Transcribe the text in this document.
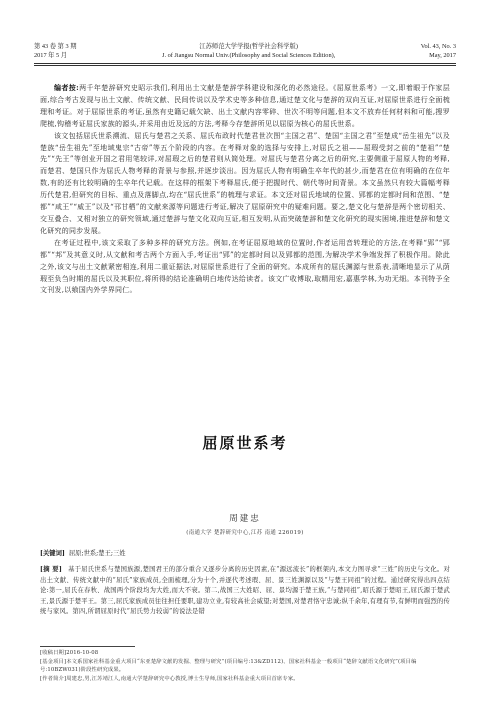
第 43 卷 第 3 期
2017 年 5 月
江苏师范大学学报(哲学社会科学版)
J. of Jiangsu Normal Univ.(Philosophy and Social Sciences Edition),
Vol. 43, No. 3
May, 2017

编者按:两千年楚辞研究史昭示我们,利用出土文献是楚辞学科建设和深化的必然途径。《屈原世系考》一文,即着眼于作家层面,综合考古发现与出土文献、传统文献、民间传说以及学术史等多种信息,通过楚文化与楚辞的双向互证,对屈原世系进行全面梳理和考证。对于屈原世系的考证,虽然有史籍记载欠缺、出土文献内容零碎、世次不明等问题,但本文不放弃任何材料和可能,搜罗爬梳,钩稽考证屈氏家族的源头,并采用由近及远的方法,考释今存楚辞所见以屈原为核心的屈氏世系。

该文包括屈氏世系溯流、屈氏与楚君之关系、屈氏布政时代楚君世次图“主国之君”、楚国“主国之君”至楚成“岳生祖先”以及楚族“岳生祖先”至地域鬼宗“古帝”等五个阶段的内容。在考释对象的选择与安排上,对屈氏之祖——屈瑕受封之前的“楚祖”“楚先”“先王”等创业开国之君用笔较详,对屈瑕之后的楚君则从简处理。对屈氏与楚君分离之后的研究,主要侧重于屈原人物的考释,而楚君、楚国只作为屈氏人物考释的背景与参照,并逐步淡出。因为屈氏人物有明确生卒年代的甚少,而楚君在位有明确的在位年数,有的还有比较明确的生卒年代记载。在这样的框架下考释屈氏,便于把握时代、朝代等时间背景。本文虽然只有较大篇幅考释历代楚君,但研究的目标、重点及落脚点,均在“屈氏世系”的梳理与求证。本文还对屈氏地域的位置、郢都的定都时间和范围、“楚都”“咸王”“威王”以及“邗甘栖”的文献来源等问题进行考证,解决了屈原研究中的疑难问题。要之,楚文化与楚辞是两个密切相关、交互叠合、又相对独立的研究领域,通过楚辞与楚文化双向互证,相互发明,从而突破楚辞和楚文化研究的现实困境,推进楚辞和楚文化研究的同步发展。

在考证过程中,该文采取了多种多样的研究方法。例如,在考证屈原地域的位置时,作者运用音转理论的方法,在考释“郢”“郢都”“邦”及其意义时,从文献和考古两个方面入手,考证出“郢”的定都时间以及郢都的范围,为解决学术争端发挥了积极作用。除此之外,该文与出土文献紧密相连,利用二重证据法,对屈原世系进行了全面的研究。本成所有的屈氏渊源与世系表,清晰地显示了从荫瑕至负刍时期的屈氏以及其职位,将所得的结论准确明白地传达给读者。该文广收博取,取精用宏,嘉惠学林,为功无细。本刊特予全文刊发,以飨国内外学界同仁。

屈原世系考
周建忠
(南通大学 楚辞研究中心,江苏 南通 226019)
[关键词] 屈原;世系;楚王;三姓
[摘 要] 基于屈氏世系与楚国族源,楚国君王的部分重合又逐步分离的历史因素,在“源远流长”的框架内,本文力图寻求“三姓”的历史与文化。对出土文献、传统文献中的“屈氏”家族成员,全面梳理,分为十个,并逐代考述瑕、屈、景三姓渊源以及“与楚王同祖”的过程。通过研究得出四点结论:第一,屈氏在春秋、战国两个阶段均为大姓,而大不衰。第二,战国三大姓昭、屈、景均源于楚王族,“与楚同祖”,昭氏源于楚昭王,屈氏源于楚武王,景氏源于楚平王。第三,屈氏家族成员往往担任要职,建功立业,有较高社会威望;对楚国,对楚君恪守忠诚;纵千余年,有理有节,有鲜明而强烈的传统与家风。第四,所谓屈原时代“屈氏势力较弱”的说法是错
[收稿日期]2016-10-08
[基金项目]本文系国家社科基金重大项目“东亚楚辞文献的发掘、整理与研究”(项目编号:13&ZD112)、国家社科基金一般项目“楚辞文献语文化研究”(项目编号:10BZW031)阶段性研究成果。
[作者简介]周建忠,男,江苏靖江人,南通大学楚辞研究中心教授,博士生导师,国家社科基金重大项目首席专家。
